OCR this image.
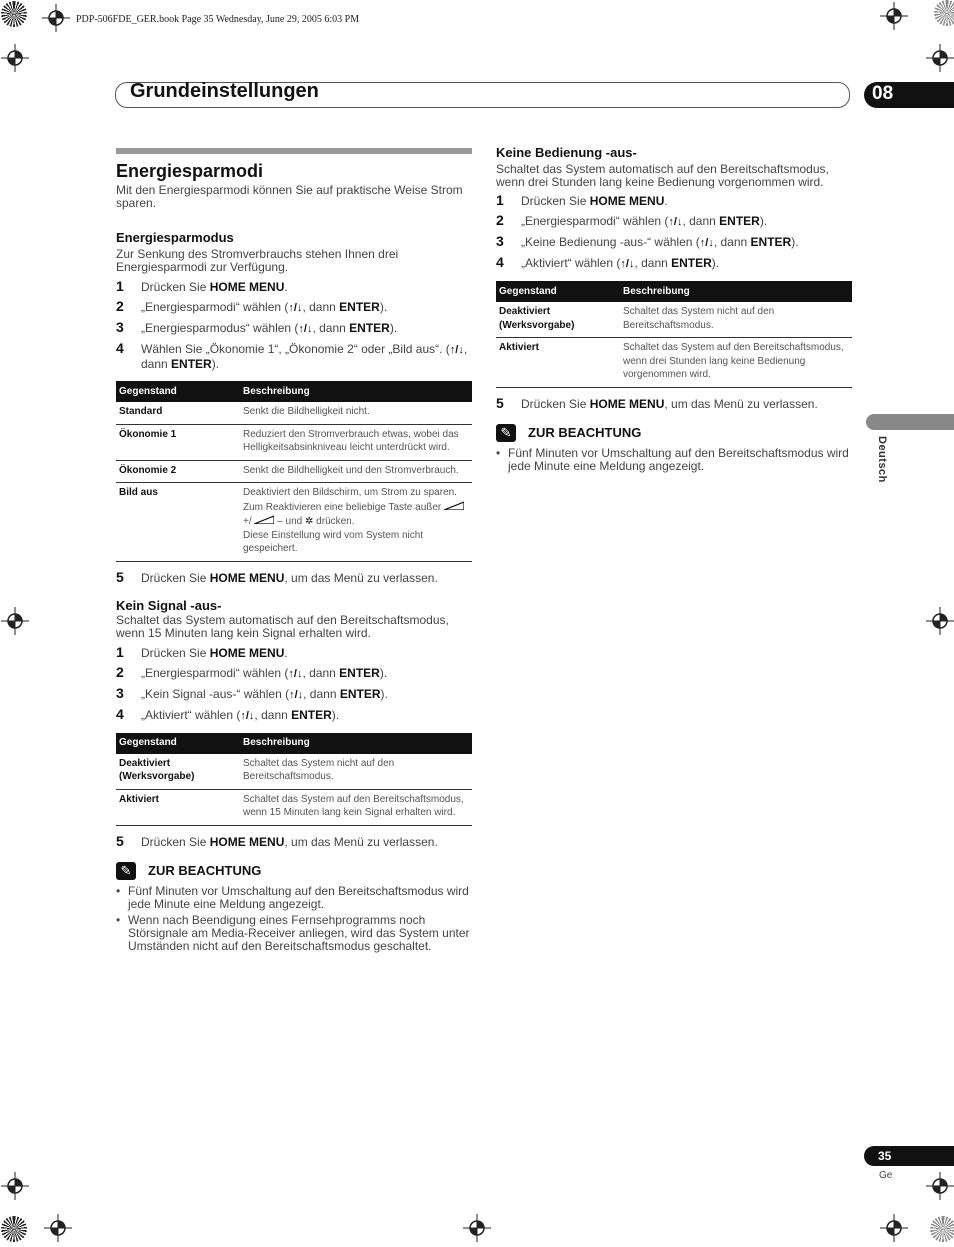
PDP-506FDE_GER.book Page 35 Wednesday, June 29, 2005 6:03 PM
Grundeinstellungen	08
Deutsch
35
Ge
Energiesparmodi

Mit den Energiesparmodi können Sie auf praktische Weise Strom sparen.

Energiesparmodus

Zur Senkung des Stromverbrauchs stehen Ihnen drei Energiesparmodi zur Verfügung.

1	Drücken Sie HOME MENU.
2	„Energiesparmodi“ wählen (↑/↓, dann ENTER).
3	„Energiesparmodus“ wählen (↑/↓, dann ENTER).
4	Wählen Sie „Ökonomie 1“, „Ökonomie 2“ oder „Bild aus“. (↑/↓, dann ENTER).
Gegenstand	Beschreibung
Standard	Senkt die Bildhelligkeit nicht.
Ökonomie 1	Reduziert den Stromverbrauch etwas, wobei das Helligkeitsabsinkniveau leicht unterdrückt wird.
Ökonomie 2	Senkt die Bildhelligkeit und den Stromverbrauch.
Bild aus	Deaktiviert den Bildschirm, um Strom zu sparen. Zum Reaktivieren eine beliebige Taste außer  +/ – und ✲ drücken.
Diese Einstellung wird vom System nicht gespeichert.
5	Drücken Sie HOME MENU, um das Menü zu verlassen.
Kein Signal -aus-

Schaltet das System automatisch auf den Bereitschaftsmodus, wenn 15 Minuten lang kein Signal erhalten wird.

1	Drücken Sie HOME MENU.
2	„Energiesparmodi“ wählen (↑/↓, dann ENTER).
3	„Kein Signal -aus-“ wählen (↑/↓, dann ENTER).
4	„Aktiviert“ wählen (↑/↓, dann ENTER).
Gegenstand	Beschreibung
Deaktiviert (Werksvorgabe)	Schaltet das System nicht auf den Bereitschaftsmodus.
Aktiviert	Schaltet das System auf den Bereitschaftsmodus, wenn 15 Minuten lang kein Signal erhalten wird.
5	Drücken Sie HOME MENU, um das Menü zu verlassen.
✎	ZUR BEACHTUNG
• Fünf Minuten vor Umschaltung auf den Bereitschaftsmodus wird jede Minute eine Meldung angezeigt.
• Wenn nach Beendigung eines Fernsehprogramms noch Störsignale am Media-Receiver anliegen, wird das System unter Umständen nicht auf den Bereitschaftsmodus geschaltet.
Keine Bedienung -aus-

Schaltet das System automatisch auf den Bereitschaftsmodus, wenn drei Stunden lang keine Bedienung vorgenommen wird.

1	Drücken Sie HOME MENU.
2	„Energiesparmodi“ wählen (↑/↓, dann ENTER).
3	„Keine Bedienung -aus-“ wählen (↑/↓, dann ENTER).
4	„Aktiviert“ wählen (↑/↓, dann ENTER).
Gegenstand	Beschreibung
Deaktiviert (Werksvorgabe)	Schaltet das System nicht auf den Bereitschaftsmodus.
Aktiviert	Schaltet das System auf den Bereitschaftsmodus, wenn drei Stunden lang keine Bedienung vorgenommen wird.
5	Drücken Sie HOME MENU, um das Menü zu verlassen.
✎	ZUR BEACHTUNG
• Fünf Minuten vor Umschaltung auf den Bereitschaftsmodus wird jede Minute eine Meldung angezeigt.
